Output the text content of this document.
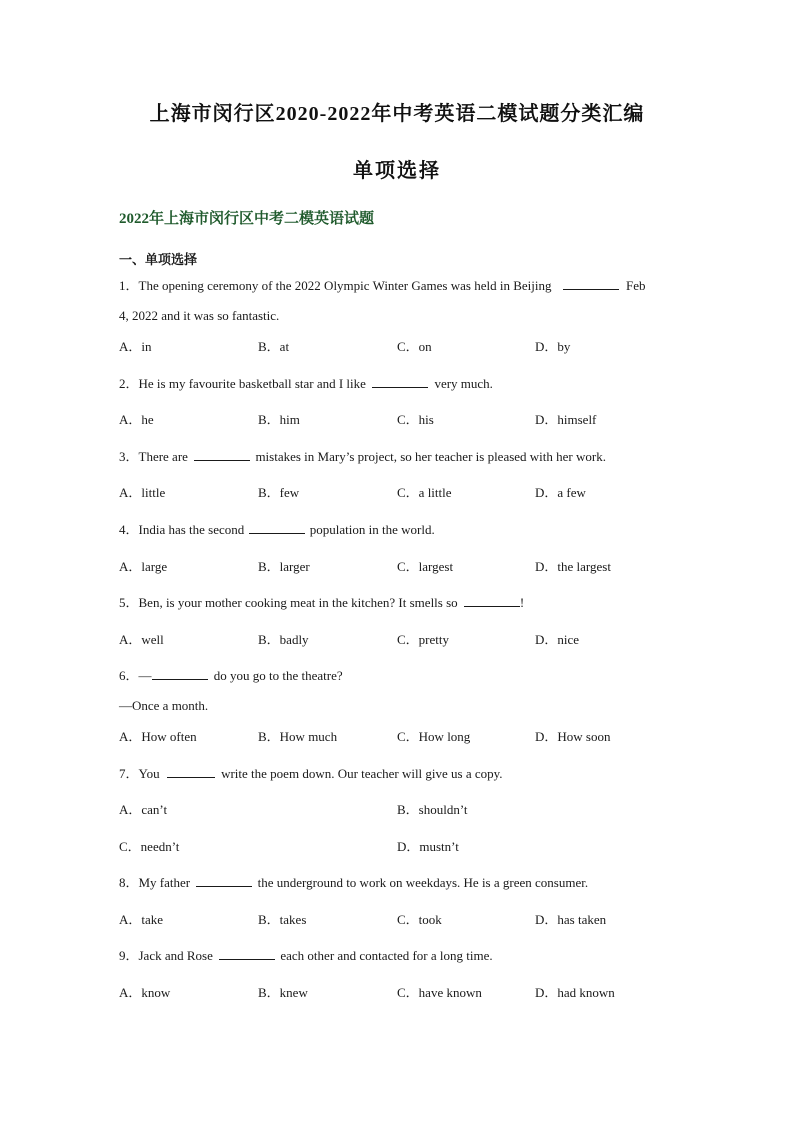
上海市闵行区2020-2022年中考英语二模试题分类汇编
单项选择
2022年上海市闵行区中考二模英语试题
一、单项选择
1．The opening ceremony of the 2022 Olympic Winter Games was held in Beijing	Feb
4, 2022 and it was so fantastic.
A．in	B．at	C．on	D．by
2．He is my favourite basketball star and I like	very much.
A．he	B．him	C．his	D．himself
3．There are	mistakes in Mary’s project, so her teacher is pleased with her work.
A．little	B．few	C．a little	D．a few
4．India has the second	population in the world.
A．large	B．larger	C．largest	D．the largest
5．Ben, is your mother cooking meat in the kitchen? It smells so	!
A．well	B．badly	C．pretty	D．nice
6．—	do you go to the theatre?
—Once a month.
A．How often	B．How much	C．How long	D．How soon
7．You	write the poem down. Our teacher will give us a copy.
A．can’t	B．shouldn’t
C．needn’t	D．mustn’t
8．My father	the underground to work on weekdays. He is a green consumer.
A．take	B．takes	C．took	D．has taken
9．Jack and Rose	each other and contacted for a long time.
A．know	B．knew	C．have known	D．had known
